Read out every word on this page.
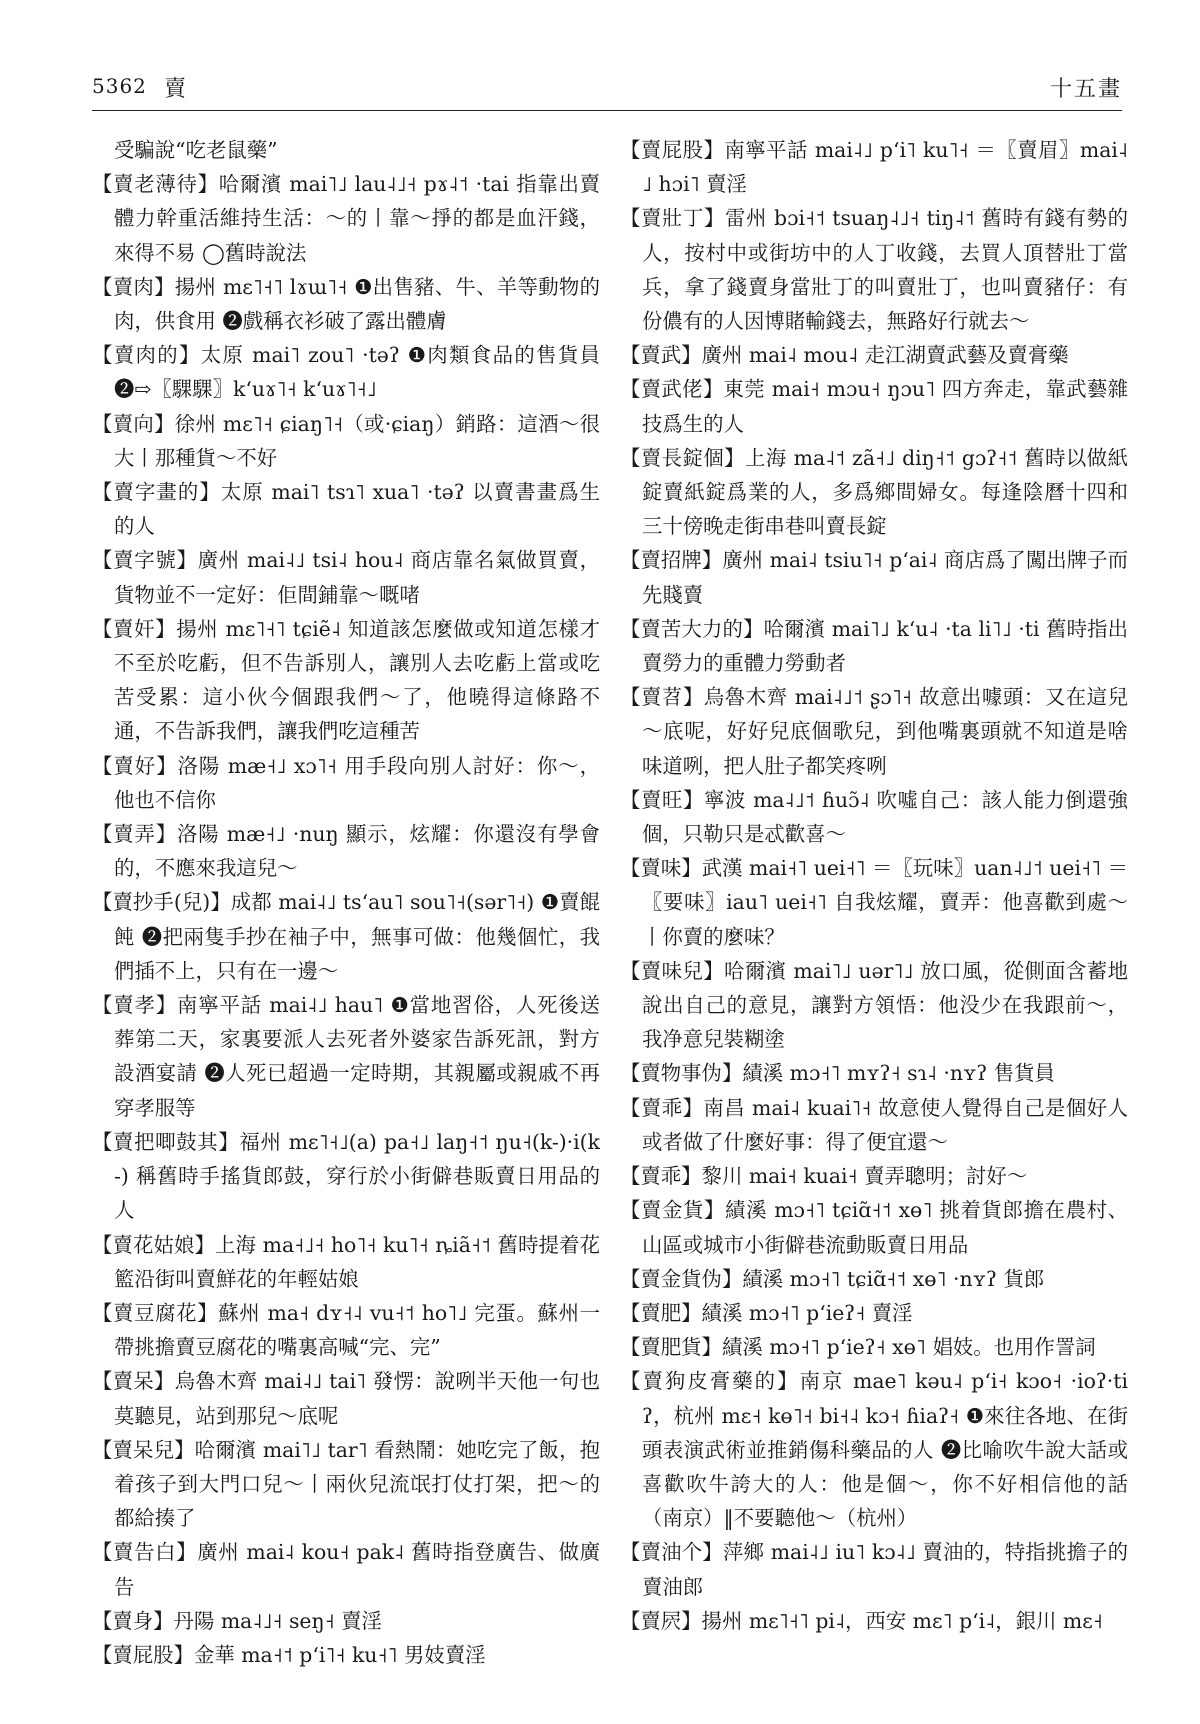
5362 賣	十五畫

受騙說“吃老鼠藥”

【賣老薄待】哈爾濱 mai˥˩ lau˨˩˧ pɤ˨˦ ·tai 指靠出賣體力幹重活維持生活：～的丨靠～掙的都是血汗錢，來得不易 ◯舊時說法

【賣肉】揚州 mɛ˥˧˥ lɤɯ˥˧ ❶出售豬、牛、羊等動物的肉，供食用 ❷戲稱衣衫破了露出體膚

【賣肉的】太原 mai˥ zou˥ ·təʔ ❶肉類食品的售貨員 ❷⇨〖騍騍〗kʻuɤ˥˧ kʻuɤ˥˧˩

【賣向】徐州 mɛ˥˧ ɕiaŋ˥˧（或·ɕiaŋ）銷路：這酒～很大丨那種貨～不好

【賣字畫的】太原 mai˥ tsɿ˥ xua˥ ·təʔ 以賣書畫爲生的人

【賣字號】廣州 mai˨˩ tsi˨ hou˨ 商店靠名氣做買賣，貨物並不一定好：佢間鋪靠～嘅啫

【賣奸】揚州 mɛ˥˧˥ tɕiẽ˨ 知道該怎麼做或知道怎樣才不至於吃虧，但不告訴別人，讓別人去吃虧上當或吃苦受累：這小伙今個跟我們～了，他曉得這條路不通，不告訴我們，讓我們吃這種苦

【賣好】洛陽 mæ˧˩ xɔ˥˧ 用手段向別人討好：你～，他也不信你

【賣弄】洛陽 mæ˧˩ ·nuŋ 顯示，炫耀：你還沒有學會的，不應來我這兒～

【賣抄手(兒)】成都 mai˨˩ tsʻau˥ sou˥˧(sər˥˧) ❶賣餛飩 ❷把兩隻手抄在袖子中，無事可做：他幾個忙，我們插不上，只有在一邊～

【賣孝】南寧平話 mai˨˩ hau˥ ❶當地習俗，人死後送葬第二天，家裏要派人去死者外婆家告訴死訊，對方設酒宴請 ❷人死已超過一定時期，其親屬或親戚不再穿孝服等

【賣把唧鼓其】福州 mɛ˥˧˩(a) pa˧˩ laŋ˧˦ ŋu˧(k-)·i(k-) 稱舊時手搖貨郎鼓，穿行於小街僻巷販賣日用品的人

【賣花姑娘】上海 ma˧˩˧ ho˥˧ ku˥˧ ȵiã˧˦ 舊時提着花籃沿街叫賣鮮花的年輕姑娘

【賣豆腐花】蘇州 ma˧ dʏ˧˨ vu˧˦ ho˥˩ 完蛋。蘇州一帶挑擔賣豆腐花的嘴裏高喊“完、完”

【賣呆】烏魯木齊 mai˨˩ tai˥ 發愣：說咧半天他一句也莫聽見，站到那兒～底呢

【賣呆兒】哈爾濱 mai˥˩ tar˥ 看熱鬧：她吃完了飯，抱着孩子到大門口兒～丨兩伙兒流氓打仗打架，把～的都給揍了

【賣告白】廣州 mai˨ kou˧ pak˨ 舊時指登廣告、做廣告

【賣身】丹陽 ma˨˩˧ seŋ˧ 賣淫

【賣屁股】金華 ma˧˦ pʻi˥˧ ku˧˥ 男妓賣淫

【賣屁股】南寧平話 mai˨˩ pʻi˥ ku˥˧ ＝〖賣眉〗mai˨˩ hɔi˥ 賣淫

【賣壯丁】雷州 bɔi˧˦ tsuaŋ˨˩˧ tiŋ˨˦ 舊時有錢有勢的人，按村中或街坊中的人丁收錢，去買人頂替壯丁當兵，拿了錢賣身當壯丁的叫賣壯丁，也叫賣豬仔：有份儂有的人因博賭輸錢去，無路好行就去～

【賣武】廣州 mai˨ mou˨ 走江湖賣武藝及賣膏藥

【賣武佬】東莞 mai˧ mɔu˧ ŋɔu˥ 四方奔走，靠武藝雜技爲生的人

【賣長錠個】上海 ma˨˦ zã˧˩ diŋ˧˦ gɔʔ˧˦ 舊時以做紙錠賣紙錠爲業的人，多爲鄉間婦女。每逢陰曆十四和三十傍晚走街串巷叫賣長錠

【賣招牌】廣州 mai˨ tsiu˥˧ pʻai˨ 商店爲了闖出牌子而先賤賣

【賣苦大力的】哈爾濱 mai˥˩ kʻu˨ ·ta li˥˩ ·ti 舊時指出賣勞力的重體力勞動者

【賣苕】烏魯木齊 mai˨˩˦ ʂɔ˥˧ 故意出噱頭：又在這兒～底呢，好好兒底個歌兒，到他嘴裏頭就不知道是啥味道咧，把人肚子都笑疼咧

【賣旺】寧波 ma˨˩˦ ɦuɔ̃˨ 吹噓自己：該人能力倒還強個，只勒只是忒歡喜～

【賣味】武漢 mai˧˥ uei˧˥ ＝〖玩味〗uan˨˩˦ uei˧˥ ＝〖要味〗iau˥ uei˧˥ 自我炫耀，賣弄：他喜歡到處～丨你賣的麼味？

【賣味兒】哈爾濱 mai˥˩ uər˥˩ 放口風，從側面含蓄地說出自己的意見，讓對方領悟：他没少在我跟前～，我净意兒裝糊塗

【賣物事伪】績溪 mɔ˧˥ mʏʔ˧ sɿ˨ ·nʏʔ 售貨員

【賣乖】南昌 mai˨ kuai˥˧ 故意使人覺得自己是個好人或者做了什麼好事：得了便宜還～

【賣乖】黎川 mai˧ kuai˧ 賣弄聰明；討好～

【賣金貨】績溪 mɔ˧˥ tɕiɑ̃˧˦ xɵ˥ 挑着貨郎擔在農村、山區或城市小街僻巷流動販賣日用品

【賣金貨伪】績溪 mɔ˧˥ tɕiɑ̃˧˦ xɵ˥ ·nʏʔ 貨郎

【賣肥】績溪 mɔ˧˥ pʻieʔ˧ 賣淫

【賣肥貨】績溪 mɔ˧˥ pʻieʔ˧ xɵ˥ 娼妓。也用作詈詞

【賣狗皮膏藥的】南京 mae˥ kəu˨ pʻi˧ kɔo˧ ·ioʔ·tiʔ，杭州 mɛ˧ kɵ˥˧ bi˧˨ kɔ˧ ɦiaʔ˧ ❶來往各地、在街頭表演武術並推銷傷科藥品的人 ❷比喻吹牛說大話或喜歡吹牛誇大的人：他是個～，你不好相信他的話（南京）‖不要聽他～（杭州）

【賣油个】萍鄉 mai˨˩ iu˥ kɔ˨˩ 賣油的，特指挑擔子的賣油郎

【賣屄】揚州 mɛ˥˧˥ pi˨，西安 mɛ˥ pʻi˨，銀川 mɛ˧
